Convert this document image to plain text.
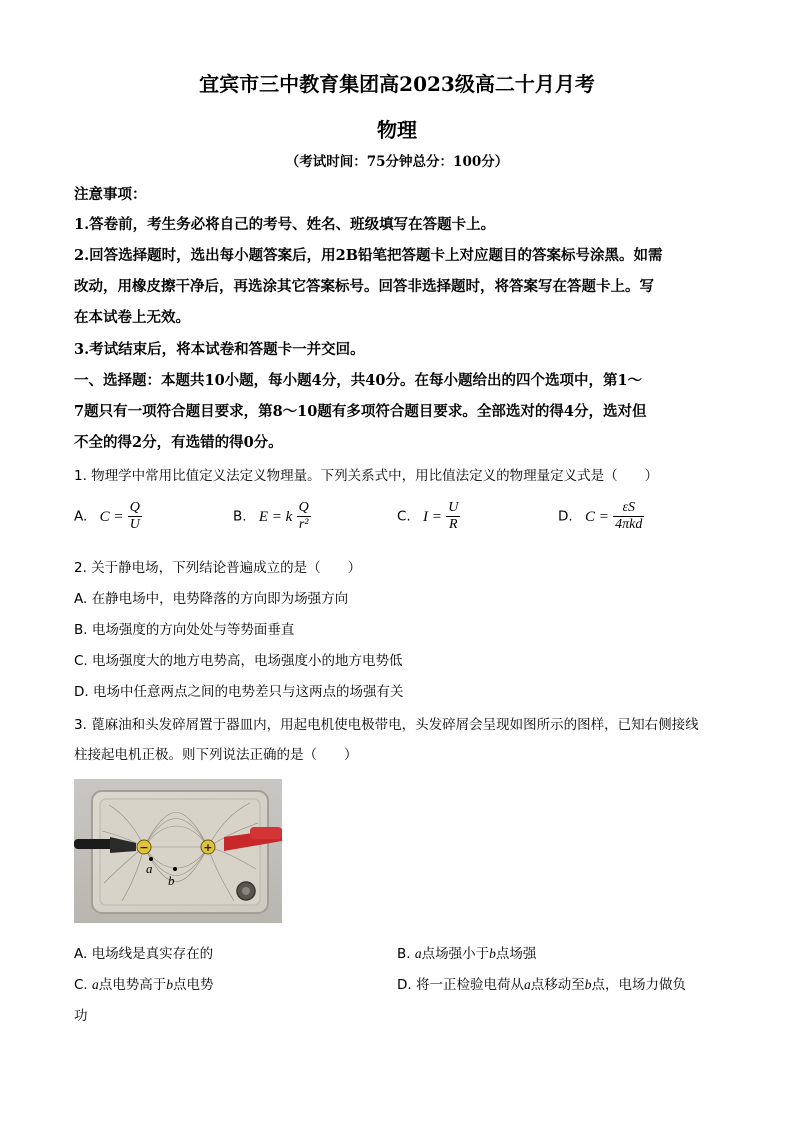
宜宾市三中教育集团高2023级高二十月月考
物理
（考试时间：75分钟总分：100分）
注意事项：
1.答卷前，考生务必将自己的考号、姓名、班级填写在答题卡上。
2.回答选择题时，选出每小题答案后，用2B铅笔把答题卡上对应题目的答案标号涂黑。如需
改动，用橡皮擦干净后，再选涂其它答案标号。回答非选择题时，将答案写在答题卡上。写
在本试卷上无效。
3.考试结束后，将本试卷和答题卡一并交回。
一、选择题：本题共10小题，每小题4分，共40分。在每小题给出的四个选项中，第1～
7题只有一项符合题目要求，第8～10题有多项符合题目要求。全部选对的得4分，选对但
不全的得2分，有选错的得0分。
1. 物理学中常用比值定义法定义物理量。下列关系式中，用比值法定义的物理量定义式是（　　）
A. $C = \frac{Q}{U}$	B. E = k $\frac{Q}{\text{r²}}$	C. $I = \frac{U}{R}$	D. $C = \frac{\varepsilon S}{\text{4πkd}}$
2. 关于静电场，下列结论普遍成立的是（　　）
A. 在静电场中，电势降落的方向即为场强方向
B. 电场强度的方向处处与等势面垂直
C. 电场强度大的地方电势高，电场强度小的地方电势低
D. 电场中任意两点之间的电势差只与这两点的场强有关
3. 蓖麻油和头发碎屑置于器皿内，用起电机使电极带电，头发碎屑会呈现如图所示的图样，已知右侧接线
柱接起电机正极。则下列说法正确的是（　　）
−	+
a
b
A. 电场线是真实存在的	B. a点场强小于b点场强
C. a点电势高于b点电势	D. 将一正检验电荷从a点移动至b点，电场力做负
功
